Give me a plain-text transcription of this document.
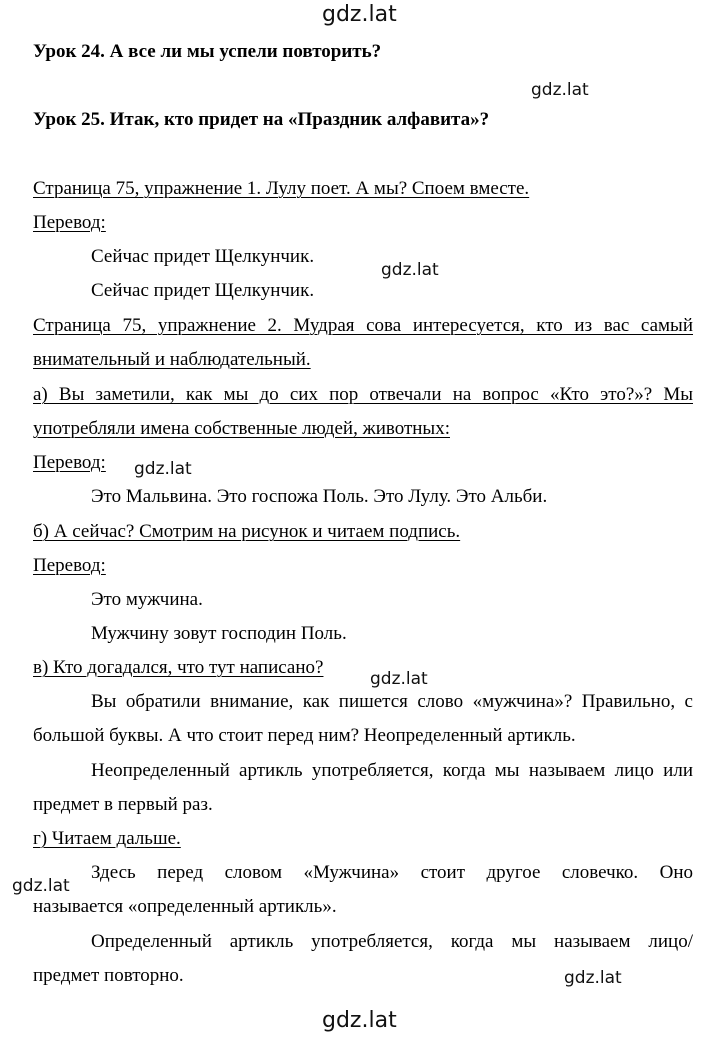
gdz.lat
gdz.lat
gdz.lat
gdz.lat
gdz.lat
gdz.lat
gdz.lat
gdz.lat
Урок 24. А все ли мы успели повторить?
Урок 25. Итак, кто придет на «Праздник алфавита»?
Страница 75, упражнение 1. Лулу поет. А мы? Споем вместе.
Перевод:
Сейчас придет Щелкунчик.
Сейчас придет Щелкунчик.
Страница 75, упражнение 2. Мудрая сова интересуется, кто из вас самый
внимательный и наблюдательный.
а) Вы заметили, как мы до сих пор отвечали на вопрос «Кто это?»? Мы
употребляли имена собственные людей, животных:
Перевод:
Это Мальвина. Это госпожа Поль. Это Лулу. Это Альби.
б) А сейчас? Смотрим на рисунок и читаем подпись.
Перевод:
Это мужчина.
Мужчину зовут господин Поль.
в) Кто догадался, что тут написано?
Вы обратили внимание, как пишется слово «мужчина»? Правильно, с
большой буквы. А что стоит перед ним? Неопределенный артикль.
Неопределенный артикль употребляется, когда мы называем лицо или
предмет в первый раз.
г) Читаем дальше.
Здесь перед словом «Мужчина» стоит другое словечко. Оно
называется «определенный артикль».
Определенный артикль употребляется, когда мы называем лицо/
предмет повторно.
